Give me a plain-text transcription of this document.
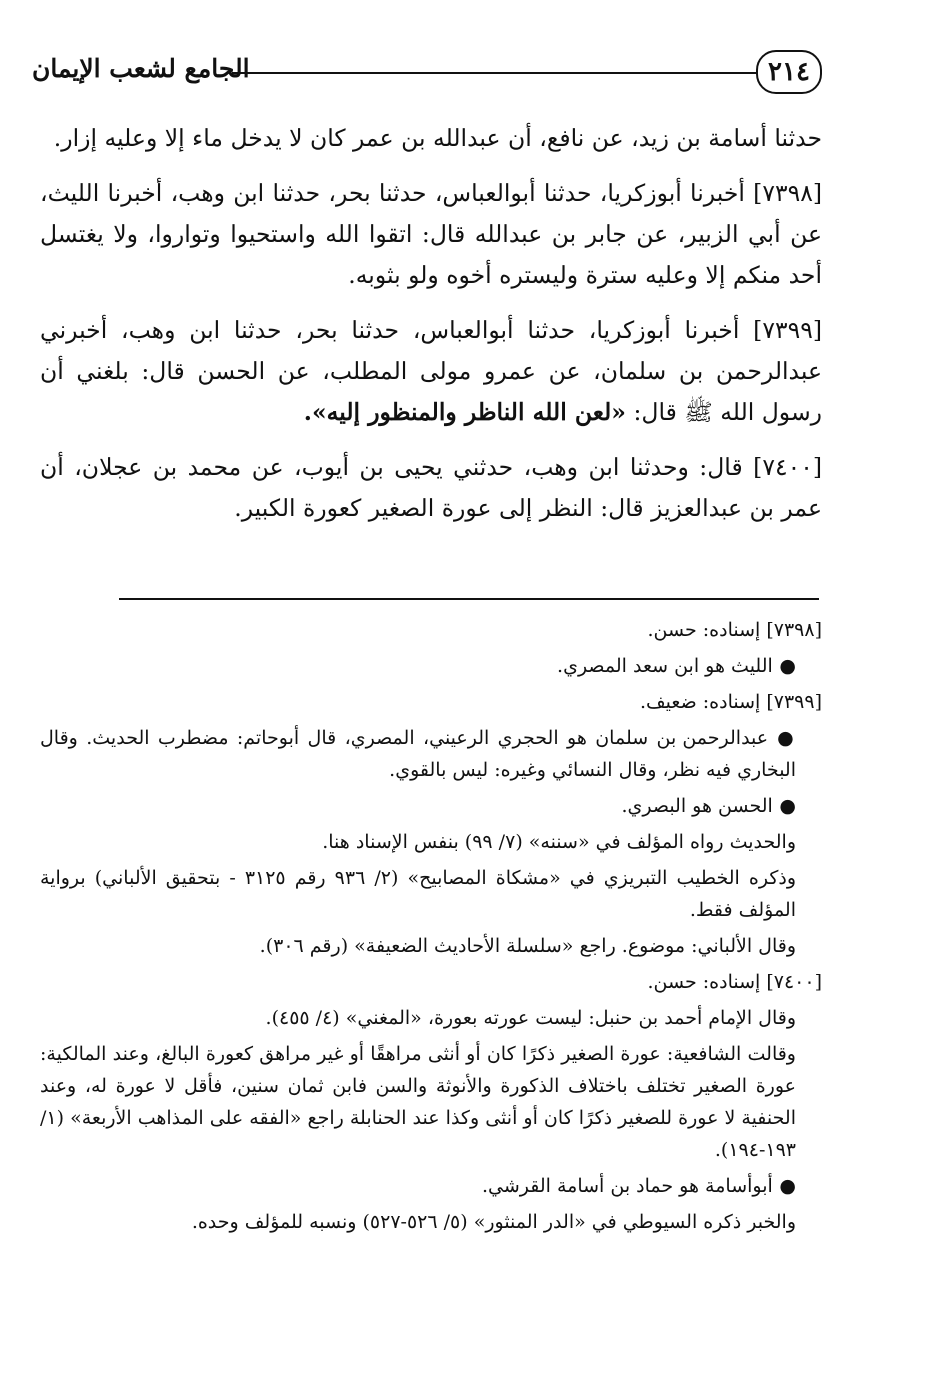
٢١٤
الجامع لشعب الإيمان

حدثنا أسامة بن زيد، عن نافع، أن عبدالله بن عمر كان لا يدخل ماء إلا وعليه إزار.

[٧٣٩٨] أخبرنا أبوزكريا، حدثنا أبوالعباس، حدثنا بحر، حدثنا ابن وهب، أخبرنا الليث، عن أبي الزبير، عن جابر بن عبدالله قال: اتقوا الله واستحيوا وتواروا، ولا يغتسل أحد منكم إلا وعليه سترة وليستره أخوه ولو بثوبه.

[٧٣٩٩] أخبرنا أبوزكريا، حدثنا أبوالعباس، حدثنا بحر، حدثنا ابن وهب، أخبرني عبدالرحمن بن سلمان، عن عمرو مولى المطلب، عن الحسن قال: بلغني أن رسول الله ﷺ قال: «لعن الله الناظر والمنظور إليه».

[٧٤٠٠] قال: وحدثنا ابن وهب، حدثني يحيى بن أيوب، عن محمد بن عجلان، أن عمر بن عبدالعزيز قال: النظر إلى عورة الصغير كعورة الكبير.

[٧٣٩٨] إسناده: حسن.

● الليث هو ابن سعد المصري.

[٧٣٩٩] إسناده: ضعيف.

● عبدالرحمن بن سلمان هو الحجري الرعيني، المصري، قال أبوحاتم: مضطرب الحديث. وقال البخاري فيه نظر، وقال النسائي وغيره: ليس بالقوي.

● الحسن هو البصري.

والحديث رواه المؤلف في «سننه» (٧/ ٩٩) بنفس الإسناد هنا.

وذكره الخطيب التبريزي في «مشكاة المصابيح» (٢/ ٩٣٦ رقم ٣١٢٥ - بتحقيق الألباني) برواية المؤلف فقط.

وقال الألباني: موضوع. راجع «سلسلة الأحاديث الضعيفة» (رقم ٣٠٦).

[٧٤٠٠] إسناده: حسن.

وقال الإمام أحمد بن حنبل: ليست عورته بعورة، «المغني» (٤/ ٤٥٥).

وقالت الشافعية: عورة الصغير ذكرًا كان أو أنثى مراهقًا أو غير مراهق كعورة البالغ، وعند المالكية: عورة الصغير تختلف باختلاف الذكورة والأنوثة والسن فابن ثمان سنين، فأقل لا عورة له، وعند الحنفية لا عورة للصغير ذكرًا كان أو أنثى وكذا عند الحنابلة راجع «الفقه على المذاهب الأربعة» (١/ ١٩٣-١٩٤).

● أبوأسامة هو حماد بن أسامة القرشي.

والخبر ذكره السيوطي في «الدر المنثور» (٥/ ٥٢٦-٥٢٧) ونسبه للمؤلف وحده.
